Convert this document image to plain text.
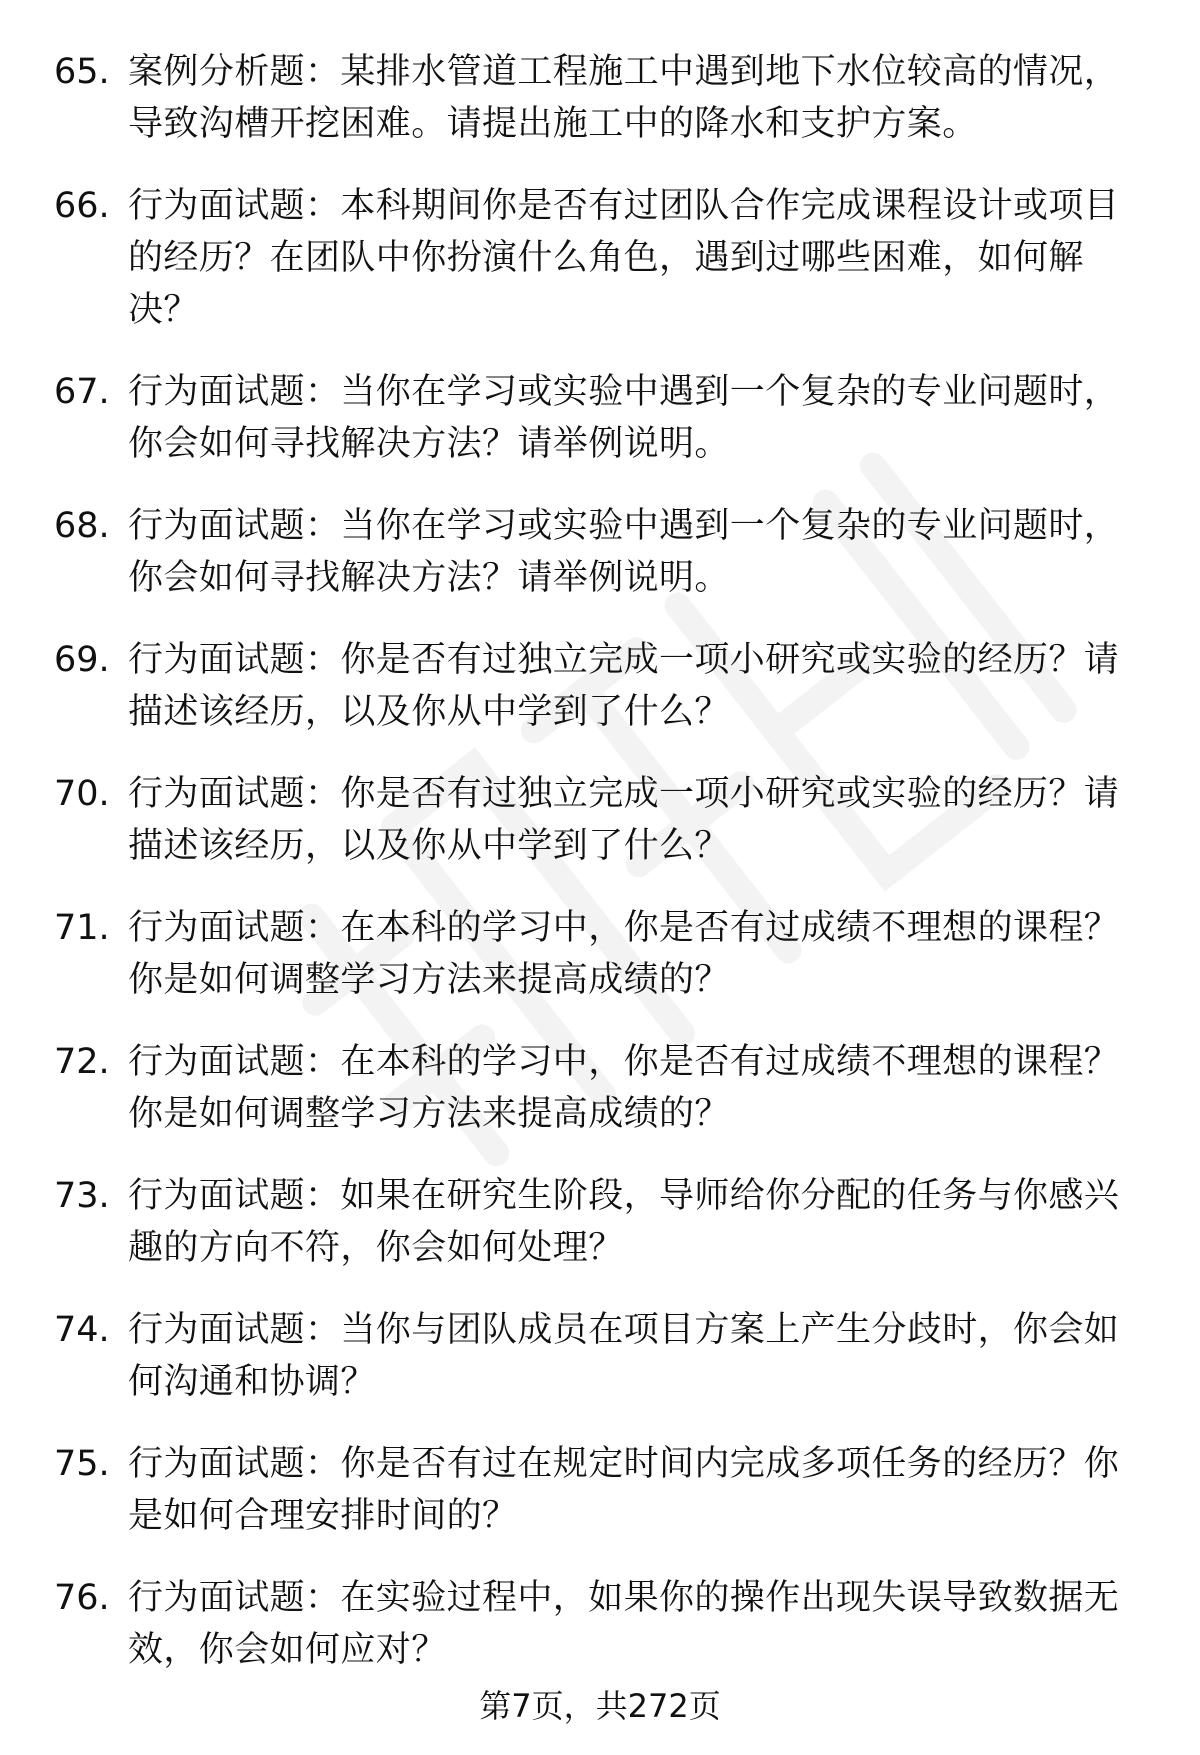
65. 案例分析题：某排水管道工程施工中遇到地下水位较高的情况，导致沟槽开挖困难。请提出施工中的降水和支护方案。
66. 行为面试题：本科期间你是否有过团队合作完成课程设计或项目的经历？在团队中你扮演什么角色，遇到过哪些困难，如何解决？
67. 行为面试题：当你在学习或实验中遇到一个复杂的专业问题时，你会如何寻找解决方法？请举例说明。
68. 行为面试题：当你在学习或实验中遇到一个复杂的专业问题时，你会如何寻找解决方法？请举例说明。
69. 行为面试题：你是否有过独立完成一项小研究或实验的经历？请描述该经历，以及你从中学到了什么？
70. 行为面试题：你是否有过独立完成一项小研究或实验的经历？请描述该经历，以及你从中学到了什么？
71. 行为面试题：在本科的学习中，你是否有过成绩不理想的课程？你是如何调整学习方法来提高成绩的？
72. 行为面试题：在本科的学习中，你是否有过成绩不理想的课程？你是如何调整学习方法来提高成绩的？
73. 行为面试题：如果在研究生阶段，导师给你分配的任务与你感兴趣的方向不符，你会如何处理？
74. 行为面试题：当你与团队成员在项目方案上产生分歧时，你会如何沟通和协调？
75. 行为面试题：你是否有过在规定时间内完成多项任务的经历？你是如何合理安排时间的？
76. 行为面试题：在实验过程中，如果你的操作出现失误导致数据无效，你会如何应对？
第7页，共272页
